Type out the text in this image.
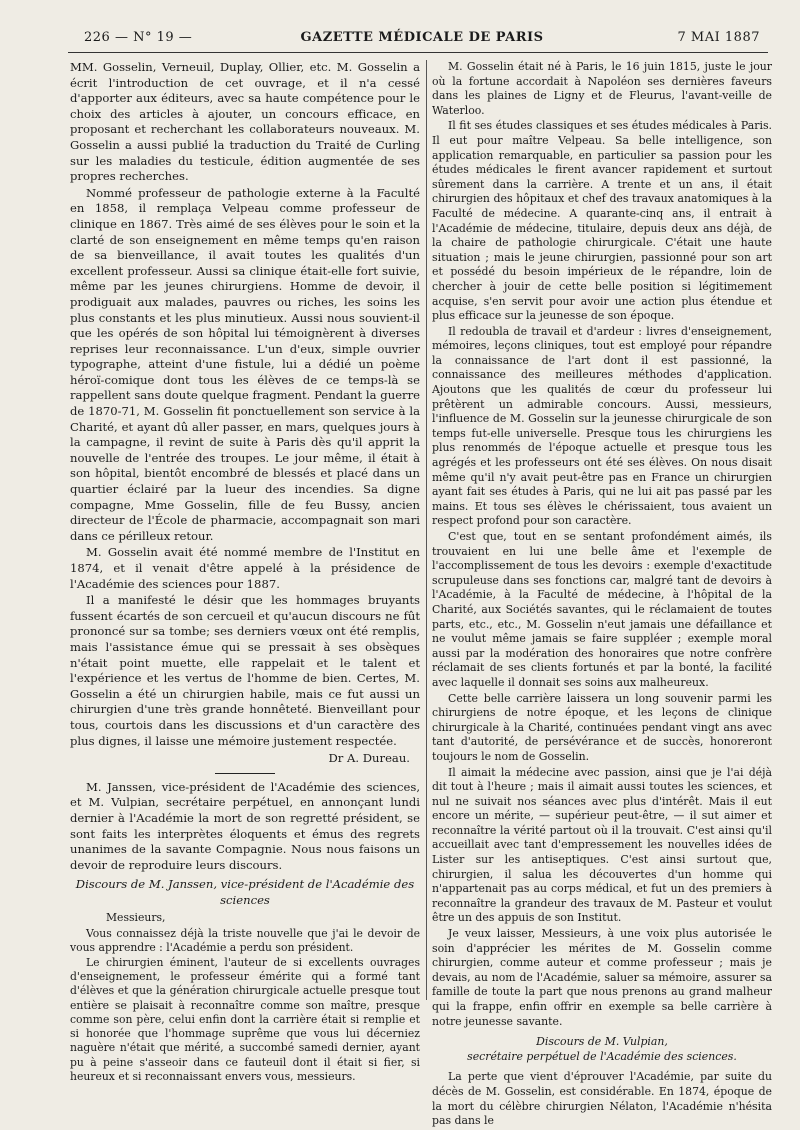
226 — N° 19 —	GAZETTE MÉDICALE DE PARIS	7 MAI 1887

MM. Gosselin, Verneuil, Duplay, Ollier, etc. M. Gosselin a écrit l'introduction de cet ouvrage, et il n'a cessé d'apporter aux éditeurs, avec sa haute compétence pour le choix des articles à ajouter, un concours efficace, en proposant et recherchant les collaborateurs nouveaux. M. Gosselin a aussi publié la traduction du Traité de Curling sur les maladies du testicule, édition augmentée de ses propres recherches.

Nommé professeur de pathologie externe à la Faculté en 1858, il remplaça Velpeau comme professeur de clinique en 1867. Très aimé de ses élèves pour le soin et la clarté de son enseignement en même temps qu'en raison de sa bienveillance, il avait toutes les qualités d'un excellent professeur. Aussi sa clinique était-elle fort suivie, même par les jeunes chirurgiens. Homme de devoir, il prodiguait aux malades, pauvres ou riches, les soins les plus constants et les plus minutieux. Aussi nous souvient-il que les opérés de son hôpital lui témoignèrent à diverses reprises leur reconnaissance. L'un d'eux, simple ouvrier typographe, atteint d'une fistule, lui a dédié un poème héroï-comique dont tous les élèves de ce temps-là se rappellent sans doute quelque fragment. Pendant la guerre de 1870-71, M. Gosselin fit ponctuellement son service à la Charité, et ayant dû aller passer, en mars, quelques jours à la campagne, il revint de suite à Paris dès qu'il apprit la nouvelle de l'entrée des troupes. Le jour même, il était à son hôpital, bientôt encombré de blessés et placé dans un quartier éclairé par la lueur des incendies. Sa digne compagne, Mme Gosselin, fille de feu Bussy, ancien directeur de l'École de pharmacie, accompagnait son mari dans ce périlleux retour.

M. Gosselin avait été nommé membre de l'Institut en 1874, et il venait d'être appelé à la présidence de l'Académie des sciences pour 1887.

Il a manifesté le désir que les hommages bruyants fussent écartés de son cercueil et qu'aucun discours ne fût prononcé sur sa tombe; ses derniers vœux ont été remplis, mais l'assistance émue qui se pressait à ses obsèques n'était point muette, elle rappelait et le talent et l'expérience et les vertus de l'homme de bien. Certes, M. Gosselin a été un chirurgien habile, mais ce fut aussi un chirurgien d'une très grande honnêteté. Bienveillant pour tous, courtois dans les discussions et d'un caractère des plus dignes, il laisse une mémoire justement respectée.

Dr A. Dureau.

M. Janssen, vice-président de l'Académie des sciences, et M. Vulpian, secrétaire perpétuel, en annonçant lundi dernier à l'Académie la mort de son regretté président, se sont faits les interprètes éloquents et émus des regrets unanimes de la savante Compagnie. Nous nous faisons un devoir de reproduire leurs discours.

Discours de M. Janssen, vice-président de l'Académie des sciences

Messieurs,

Vous connaissez déjà la triste nouvelle que j'ai le devoir de vous apprendre : l'Académie a perdu son président.

Le chirurgien éminent, l'auteur de si excellents ouvrages d'enseignement, le professeur émérite qui a formé tant d'élèves et que la génération chirurgicale actuelle presque tout entière se plaisait à reconnaître comme son maître, presque comme son père, celui enfin dont la carrière était si remplie et si honorée que l'hommage suprême que vous lui décerniez naguère n'était que mérité, a succombé samedi dernier, ayant pu à peine s'asseoir dans ce fauteuil dont il était si fier, si heureux et si reconnaissant envers vous, messieurs.

M. Gosselin était né à Paris, le 16 juin 1815, juste le jour où la fortune accordait à Napoléon ses dernières faveurs dans les plaines de Ligny et de Fleurus, l'avant-veille de Waterloo.

Il fit ses études classiques et ses études médicales à Paris. Il eut pour maître Velpeau. Sa belle intelligence, son application remarquable, en particulier sa passion pour les études médicales le firent avancer rapidement et surtout sûrement dans la carrière. A trente et un ans, il était chirurgien des hôpitaux et chef des travaux anatomiques à la Faculté de médecine. A quarante-cinq ans, il entrait à l'Académie de médecine, titulaire, depuis deux ans déjà, de la chaire de pathologie chirurgicale. C'était une haute situation ; mais le jeune chirurgien, passionné pour son art et possédé du besoin impérieux de le répandre, loin de chercher à jouir de cette belle position si légitimement acquise, s'en servit pour avoir une action plus étendue et plus efficace sur la jeunesse de son époque.

Il redoubla de travail et d'ardeur : livres d'enseignement, mémoires, leçons cliniques, tout est employé pour répandre la connaissance de l'art dont il est passionné, la connaissance des meilleures méthodes d'application. Ajoutons que les qualités de cœur du professeur lui prêtèrent un admirable concours. Aussi, messieurs, l'influence de M. Gosselin sur la jeunesse chirurgicale de son temps fut-elle universelle. Presque tous les chirurgiens les plus renommés de l'époque actuelle et presque tous les agrégés et les professeurs ont été ses élèves. On nous disait même qu'il n'y avait peut-être pas en France un chirurgien ayant fait ses études à Paris, qui ne lui ait pas passé par les mains. Et tous ses élèves le chérissaient, tous avaient un respect profond pour son caractère.

C'est que, tout en se sentant profondément aimés, ils trouvaient en lui une belle âme et l'exemple de l'accomplissement de tous les devoirs : exemple d'exactitude scrupuleuse dans ses fonctions car, malgré tant de devoirs à l'Académie, à la Faculté de médecine, à l'hôpital de la Charité, aux Sociétés savantes, qui le réclamaient de toutes parts, etc., etc., M. Gosselin n'eut jamais une défaillance et ne voulut même jamais se faire suppléer ; exemple moral aussi par la modération des honoraires que notre confrère réclamait de ses clients fortunés et par la bonté, la facilité avec laquelle il donnait ses soins aux malheureux.

Cette belle carrière laissera un long souvenir parmi les chirurgiens de notre époque, et les leçons de clinique chirurgicale à la Charité, continuées pendant vingt ans avec tant d'autorité, de persévérance et de succès, honoreront toujours le nom de Gosselin.

Il aimait la médecine avec passion, ainsi que je l'ai déjà dit tout à l'heure ; mais il aimait aussi toutes les sciences, et nul ne suivait nos séances avec plus d'intérêt. Mais il eut encore un mérite, — supérieur peut-être, — il sut aimer et reconnaître la vérité partout où il la trouvait. C'est ainsi qu'il accueillait avec tant d'empressement les nouvelles idées de Lister sur les antiseptiques. C'est ainsi surtout que, chirurgien, il salua les découvertes d'un homme qui n'appartenait pas au corps médical, et fut un des premiers à reconnaître la grandeur des travaux de M. Pasteur et voulut être un des appuis de son Institut.

Je veux laisser, Messieurs, à une voix plus autorisée le soin d'apprécier les mérites de M. Gosselin comme chirurgien, comme auteur et comme professeur ; mais je devais, au nom de l'Académie, saluer sa mémoire, assurer sa famille de toute la part que nous prenons au grand malheur qui la frappe, enfin offrir en exemple sa belle carrière à notre jeunesse savante.

Discours de M. Vulpian,
secrétaire perpétuel de l'Académie des sciences.

La perte que vient d'éprouver l'Académie, par suite du décès de M. Gosselin, est considérable. En 1874, époque de la mort du célèbre chirurgien Nélaton, l'Académie n'hésita pas dans le
